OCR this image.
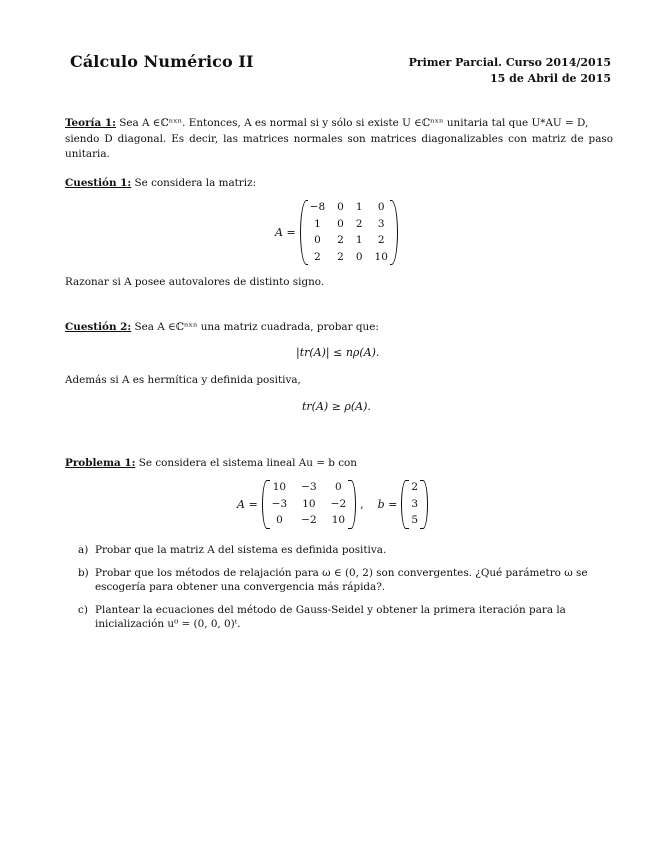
Cálculo Numérico II	Primer Parcial. Curso 2014/2015
15 de Abril de 2015
Teoría 1: Sea A ∈ℂⁿˣⁿ. Entonces, A es normal si y sólo si existe U ∈ℂⁿˣⁿ unitaria tal que U*AU = D,
siendo D diagonal. Es decir, las matrices normales son matrices diagonalizables con matriz de paso unitaria.
Cuestión 1: Se considera la matriz:
A =
−8 0 1	0
1	0 2	3
0	2 1	2
2	2 0 10
Razonar si A posee autovalores de distinto signo.
Cuestión 2: Sea A ∈ℂⁿˣⁿ una matriz cuadrada, probar que:
|tr(A)| ≤ nρ(A).
Además si A es hermítica y definida positiva,
tr(A) ≥ ρ(A).
Problema 1: Se considera el sistema lineal Au = b con
A =
10 −3	0
−3 10 −2
0	−2 10
, b =
2
3
5
a) Probar que la matriz A del sistema es definida positiva.
b) Probar que los métodos de relajación para ω ∈ (0, 2) son convergentes. ¿Qué parámetro ω se escogería para obtener una convergencia más rápida?.
c) Plantear la ecuaciones del método de Gauss-Seidel y obtener la primera iteración para la inicialización u⁰ = (0, 0, 0)ᵗ.
